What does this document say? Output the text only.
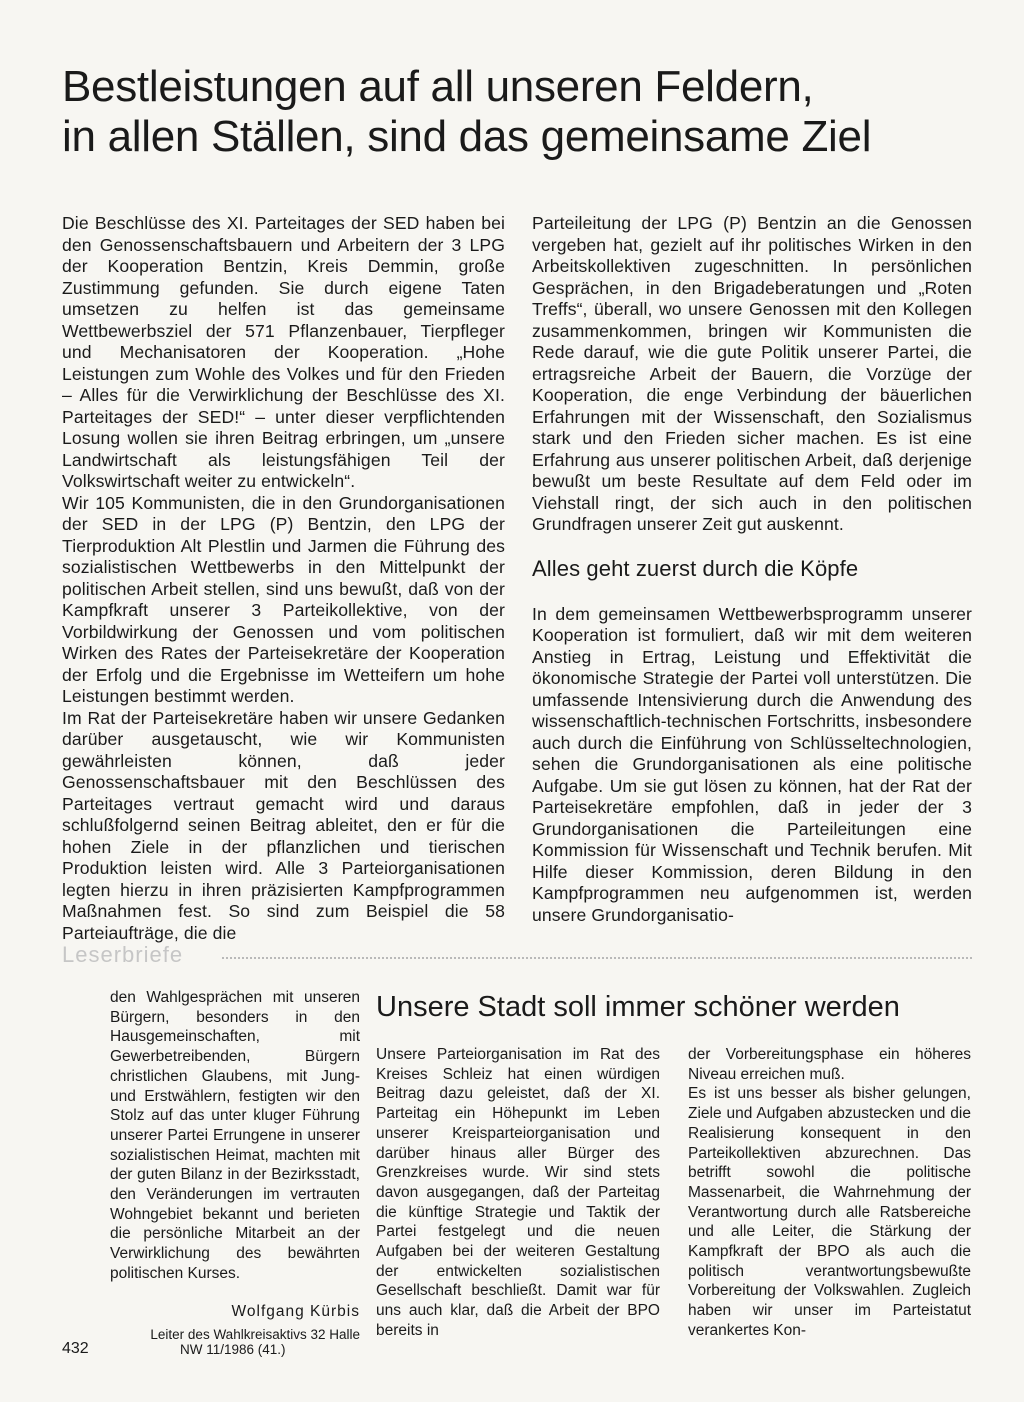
Bestleistungen auf all unseren Feldern,
in allen Ställen, sind das gemeinsame Ziel

Die Beschlüsse des XI. Parteitages der SED haben bei den Genossenschaftsbauern und Arbeitern der 3 LPG der Kooperation Bentzin, Kreis Demmin, große Zustimmung gefunden. Sie durch eigene Taten umsetzen zu helfen ist das gemeinsame Wettbewerbsziel der 571 Pflanzenbauer, Tierpfleger und Mechanisatoren der Kooperation. „Hohe Leistungen zum Wohle des Volkes und für den Frieden – Alles für die Verwirklichung der Beschlüsse des XI. Parteitages der SED!“ – unter dieser verpflichtenden Losung wollen sie ihren Beitrag erbringen, um „unsere Landwirtschaft als leistungsfähigen Teil der Volkswirtschaft weiter zu entwickeln“.

Wir 105 Kommunisten, die in den Grundorganisationen der SED in der LPG (P) Bentzin, den LPG der Tierproduktion Alt Plestlin und Jarmen die Führung des sozialistischen Wettbewerbs in den Mittelpunkt der politischen Arbeit stellen, sind uns bewußt, daß von der Kampfkraft unserer 3 Parteikollektive, von der Vorbildwirkung der Genossen und vom politischen Wirken des Rates der Parteisekretäre der Kooperation der Erfolg und die Ergebnisse im Wetteifern um hohe Leistungen bestimmt werden.

Im Rat der Parteisekretäre haben wir unsere Gedanken darüber ausgetauscht, wie wir Kommunisten gewährleisten können, daß jeder Genossenschaftsbauer mit den Beschlüssen des Parteitages vertraut gemacht wird und daraus schlußfolgernd seinen Beitrag ableitet, den er für die hohen Ziele in der pflanzlichen und tierischen Produktion leisten wird. Alle 3 Parteiorganisationen legten hierzu in ihren präzisierten Kampfprogrammen Maßnahmen fest. So sind zum Beispiel die 58 Parteiaufträge, die die

Parteileitung der LPG (P) Bentzin an die Genossen vergeben hat, gezielt auf ihr politisches Wirken in den Arbeitskollektiven zugeschnitten. In persönlichen Gesprächen, in den Brigadeberatungen und „Roten Treffs“, überall, wo unsere Genossen mit den Kollegen zusammenkommen, bringen wir Kommunisten die Rede darauf, wie die gute Politik unserer Partei, die ertragsreiche Arbeit der Bauern, die Vorzüge der Kooperation, die enge Verbindung der bäuerlichen Erfahrungen mit der Wissenschaft, den Sozialismus stark und den Frieden sicher machen. Es ist eine Erfahrung aus unserer politischen Arbeit, daß derjenige bewußt um beste Resultate auf dem Feld oder im Viehstall ringt, der sich auch in den politischen Grundfragen unserer Zeit gut auskennt.

Alles geht zuerst durch die Köpfe

In dem gemeinsamen Wettbewerbsprogramm unserer Kooperation ist formuliert, daß wir mit dem weiteren Anstieg in Ertrag, Leistung und Effektivität die ökonomische Strategie der Partei voll unterstützen. Die umfassende Intensivierung durch die Anwendung des wissenschaftlich-technischen Fortschritts, insbesondere auch durch die Einführung von Schlüsseltechnologien, sehen die Grundorganisationen als eine politische Aufgabe. Um sie gut lösen zu können, hat der Rat der Parteisekretäre empfohlen, daß in jeder der 3 Grundorganisationen die Parteileitungen eine Kommission für Wissenschaft und Technik berufen. Mit Hilfe dieser Kommission, deren Bildung in den Kampfprogrammen neu aufgenommen ist, werden unsere Grundorganisatio-

Leserbriefe

den Wahlgesprächen mit unseren Bürgern, besonders in den Hausgemeinschaften, mit Gewerbetreibenden, Bürgern christlichen Glaubens, mit Jung- und Erstwählern, festigten wir den Stolz auf das unter kluger Führung unserer Partei Errungene in unserer sozialistischen Heimat, machten mit der guten Bilanz in der Bezirksstadt, den Veränderungen im vertrauten Wohngebiet bekannt und berieten die persönliche Mitarbeit an der Verwirklichung des bewährten politischen Kurses.

Wolfgang Kürbis
Leiter des Wahlkreisaktivs 32 Halle
Unsere Stadt soll immer schöner werden

Unsere Parteiorganisation im Rat des Kreises Schleiz hat einen würdigen Beitrag dazu geleistet, daß der XI. Parteitag ein Höhepunkt im Leben unserer Kreisparteiorganisation und darüber hinaus aller Bürger des Grenzkreises wurde. Wir sind stets davon ausgegangen, daß der Parteitag die künftige Strategie und Taktik der Partei festgelegt und die neuen Aufgaben bei der weiteren Gestaltung der entwickelten sozialistischen Gesellschaft beschließt. Damit war für uns auch klar, daß die Arbeit der BPO bereits in

der Vorbereitungsphase ein höheres Niveau erreichen muß.

Es ist uns besser als bisher gelungen, Ziele und Aufgaben abzustecken und die Realisierung konsequent in den Parteikollektiven abzurechnen. Das betrifft sowohl die politische Massenarbeit, die Wahrnehmung der Verantwortung durch alle Ratsbereiche und alle Leiter, die Stärkung der Kampfkraft der BPO als auch die politisch verantwortungsbewußte Vorbereitung der Volkswahlen. Zugleich haben wir unser im Parteistatut verankertes Kon-

432	NW 11/1986 (41.)
